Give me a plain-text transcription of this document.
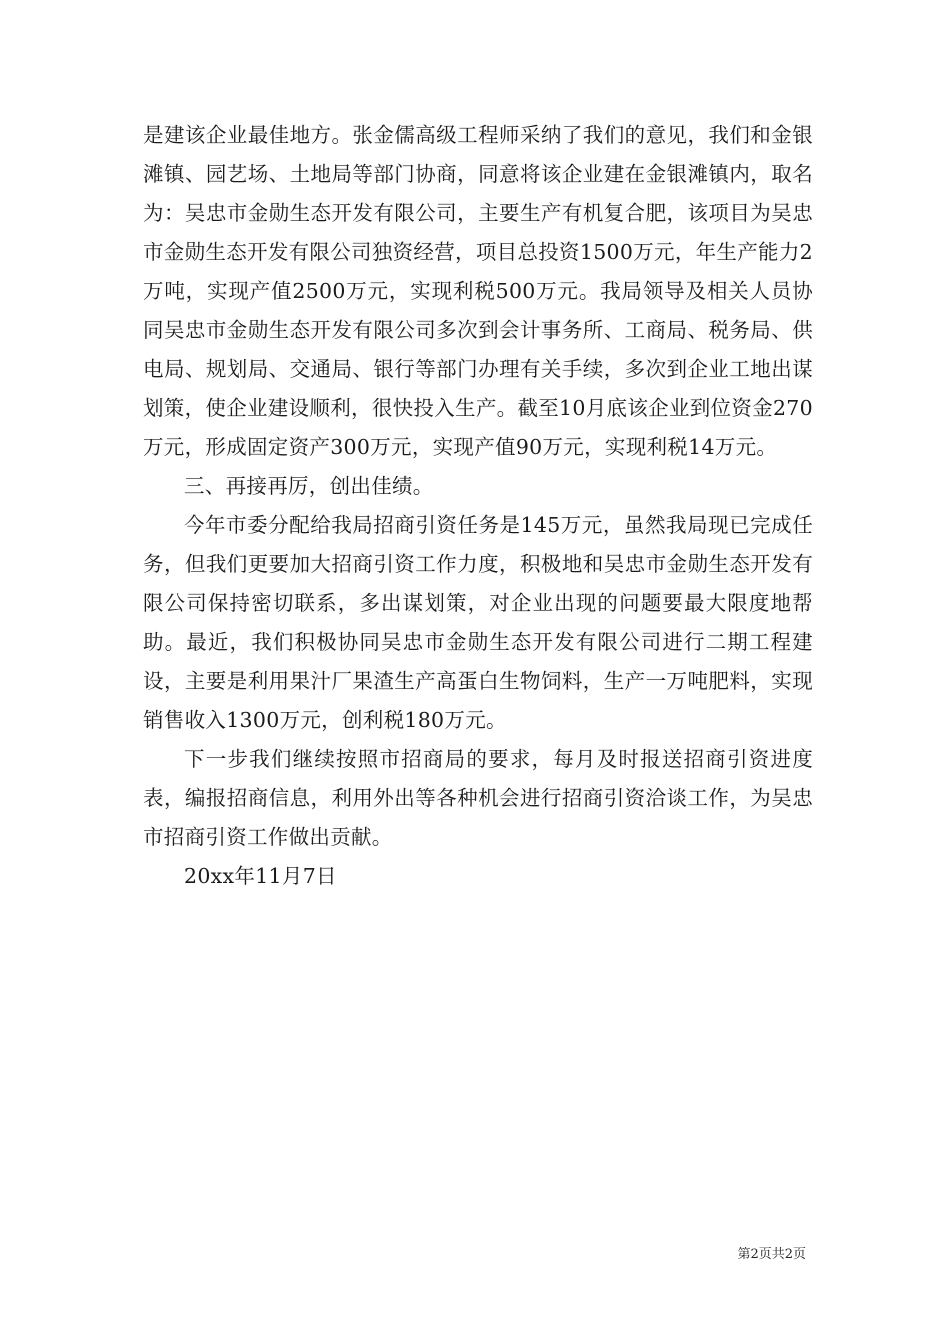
是建该企业最佳地方。张金儒高级工程师采纳了我们的意见，我们和金银滩镇、园艺场、土地局等部门协商，同意将该企业建在金银滩镇内，取名为：吴忠市金勋生态开发有限公司，主要生产有机复合肥，该项目为吴忠市金勋生态开发有限公司独资经营，项目总投资1500万元，年生产能力2万吨，实现产值2500万元，实现利税500万元。我局领导及相关人员协同吴忠市金勋生态开发有限公司多次到会计事务所、工商局、税务局、供电局、规划局、交通局、银行等部门办理有关手续，多次到企业工地出谋划策，使企业建设顺利，很快投入生产。截至10月底该企业到位资金270万元，形成固定资产300万元，实现产值90万元，实现利税14万元。

三、再接再厉，创出佳绩。

今年市委分配给我局招商引资任务是145万元，虽然我局现已完成任务，但我们更要加大招商引资工作力度，积极地和吴忠市金勋生态开发有限公司保持密切联系，多出谋划策，对企业出现的问题要最大限度地帮助。最近，我们积极协同吴忠市金勋生态开发有限公司进行二期工程建设，主要是利用果汁厂果渣生产高蛋白生物饲料，生产一万吨肥料，实现销售收入1300万元，创利税180万元。

下一步我们继续按照市招商局的要求，每月及时报送招商引资进度表，编报招商信息，利用外出等各种机会进行招商引资洽谈工作，为吴忠市招商引资工作做出贡献。

20xx年11月7日

第2页共2页
